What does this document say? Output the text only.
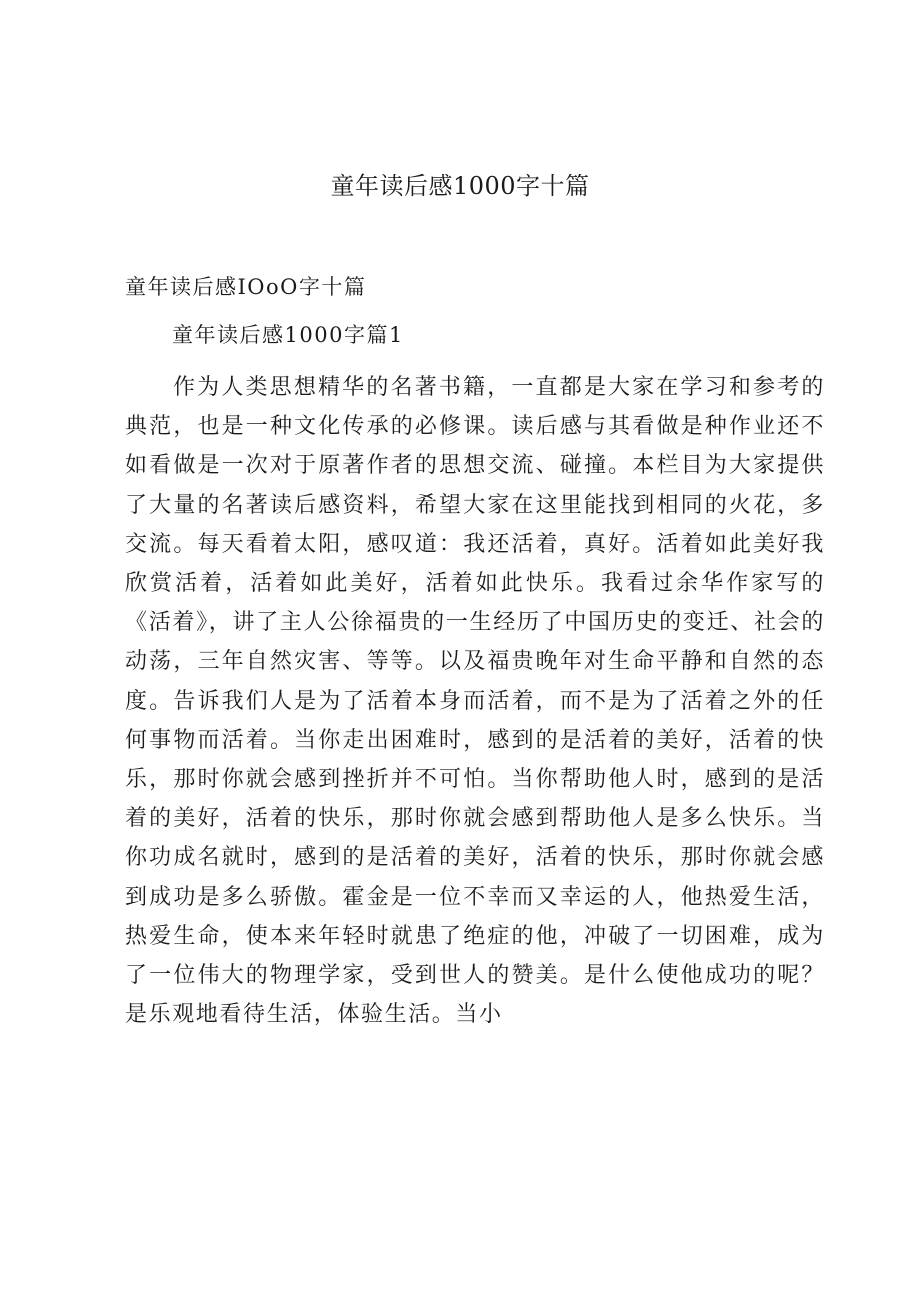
童年读后感1000字十篇

童年读后感IOoO字十篇

童年读后感1000字篇1

作为人类思想精华的名著书籍，一直都是大家在学习和参考的典范，也是一种文化传承的必修课。读后感与其看做是种作业还不如看做是一次对于原著作者的思想交流、碰撞。本栏目为大家提供了大量的名著读后感资料，希望大家在这里能找到相同的火花，多交流。每天看着太阳，感叹道：我还活着，真好。活着如此美好我欣赏活着，活着如此美好，活着如此快乐。我看过余华作家写的《活着》，讲了主人公徐福贵的一生经历了中国历史的变迁、社会的动荡，三年自然灾害、等等。以及福贵晚年对生命平静和自然的态度。告诉我们人是为了活着本身而活着，而不是为了活着之外的任何事物而活着。当你走出困难时，感到的是活着的美好，活着的快乐，那时你就会感到挫折并不可怕。当你帮助他人时，感到的是活着的美好，活着的快乐，那时你就会感到帮助他人是多么快乐。当你功成名就时，感到的是活着的美好，活着的快乐，那时你就会感到成功是多么骄傲。霍金是一位不幸而又幸运的人，他热爱生活，热爱生命，使本来年轻时就患了绝症的他，冲破了一切困难，成为了一位伟大的物理学家，受到世人的赞美。是什么使他成功的呢？是乐观地看待生活，体验生活。当小
